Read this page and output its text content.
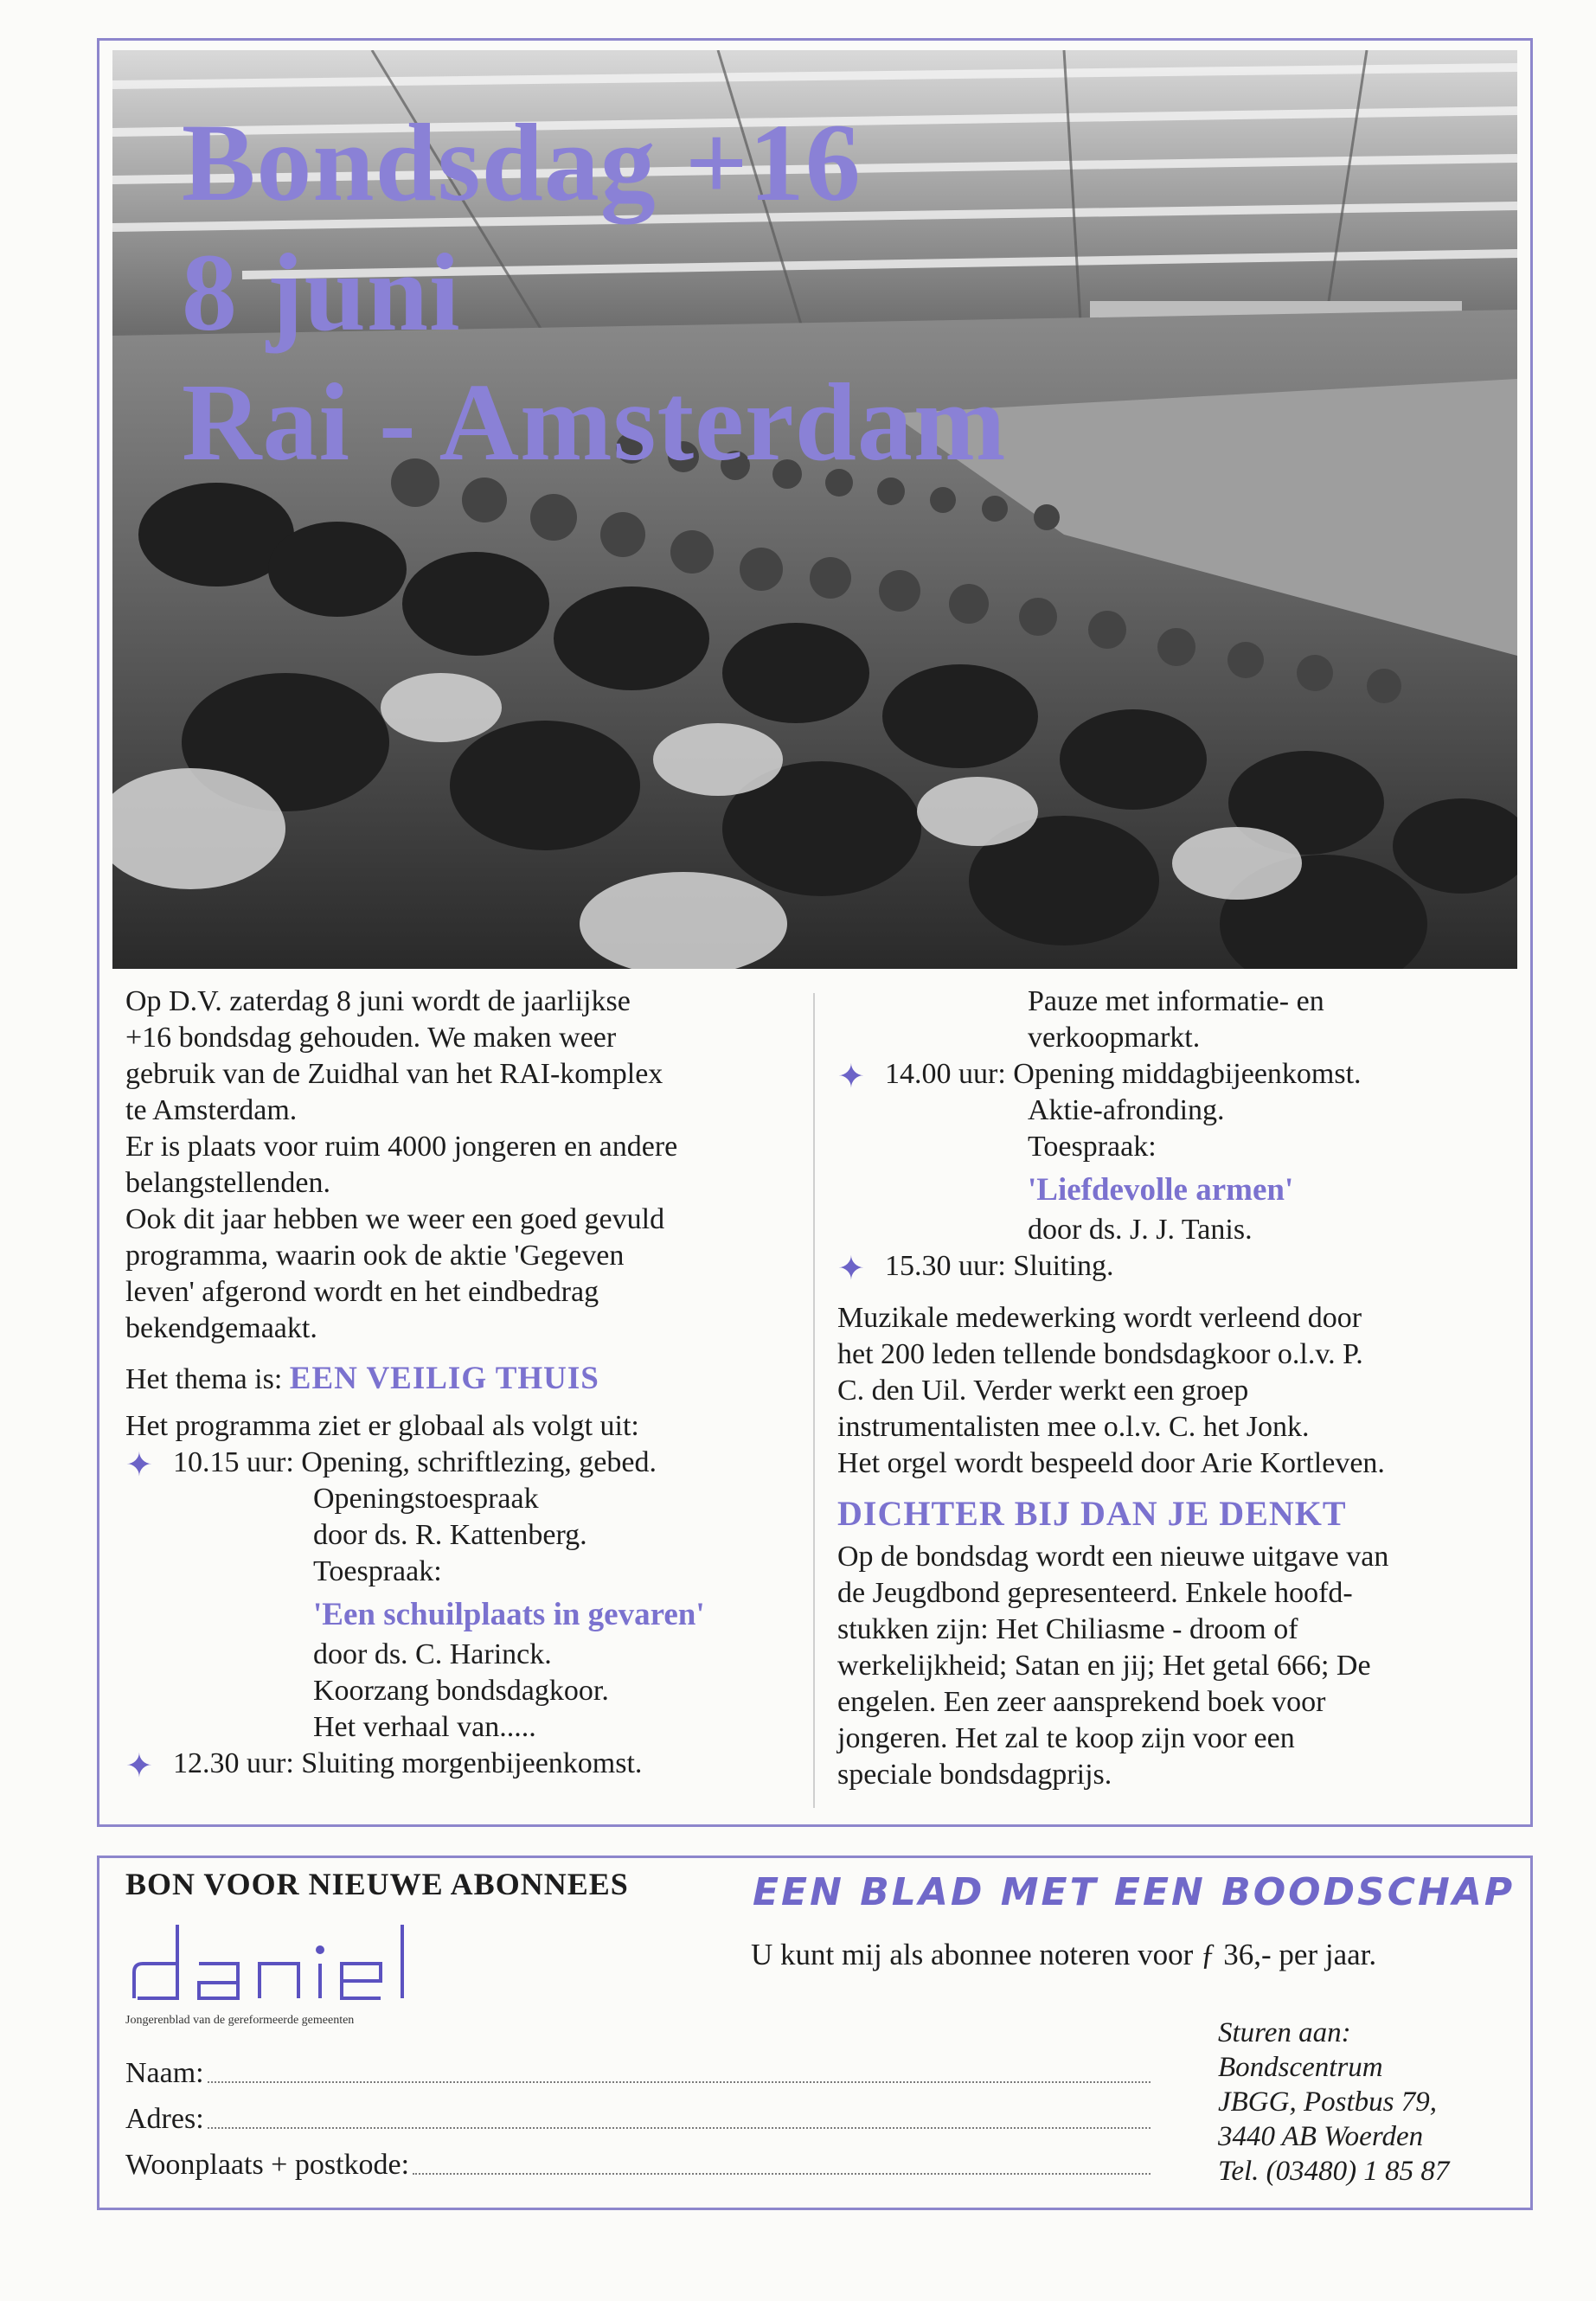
Bondsdag +16
8 juni
Rai - Amsterdam

Op D.V. zaterdag 8 juni wordt de jaarlijkse

+16 bondsdag gehouden. We maken weer

gebruik van de Zuidhal van het RAI-komplex

te Amsterdam.

Er is plaats voor ruim 4000 jongeren en andere

belangstellenden.

Ook dit jaar hebben we weer een goed gevuld

programma, waarin ook de aktie 'Gegeven

leven' afgerond wordt en het eindbedrag

bekendgemaakt.

Het thema is: EEN VEILIG THUIS

Het programma ziet er globaal als volgt uit:

✦ 10.15 uur: Opening, schriftlezing, gebed.

Openingstoespraak

door ds. R. Kattenberg.

Toespraak:

'Een schuilplaats in gevaren'

door ds. C. Harinck.

Koorzang bondsdagkoor.

Het verhaal van.....

✦ 12.30 uur: Sluiting morgenbijeenkomst.

Pauze met informatie- en

verkoopmarkt.

✦ 14.00 uur: Opening middagbijeenkomst.

Aktie-afronding.

Toespraak:

'Liefdevolle armen'

door ds. J. J. Tanis.

✦ 15.30 uur: Sluiting.

Muzikale medewerking wordt verleend door

het 200 leden tellende bondsdagkoor o.l.v. P.

C. den Uil. Verder werkt een groep

instrumentalisten mee o.l.v. C. het Jonk.

Het orgel wordt bespeeld door Arie Kortleven.

DICHTER BIJ DAN JE DENKT

Op de bondsdag wordt een nieuwe uitgave van

de Jeugdbond gepresenteerd. Enkele hoofd-

stukken zijn: Het Chiliasme - droom of

werkelijkheid; Satan en jij; Het getal 666; De

engelen. Een zeer aansprekend boek voor

jongeren. Het zal te koop zijn voor een

speciale bondsdagprijs.

BON VOOR NIEUWE ABONNEES
Jongerenblad van de gereformeerde gemeenten
Naam:
Adres:
Woonplaats + postkode:
EEN BLAD MET EEN BOODSCHAP
U kunt mij als abonnee noteren voor ƒ 36,- per jaar.
Sturen aan:
Bondscentrum
JBGG, Postbus 79,
3440 AB Woerden
Tel. (03480) 1 85 87
